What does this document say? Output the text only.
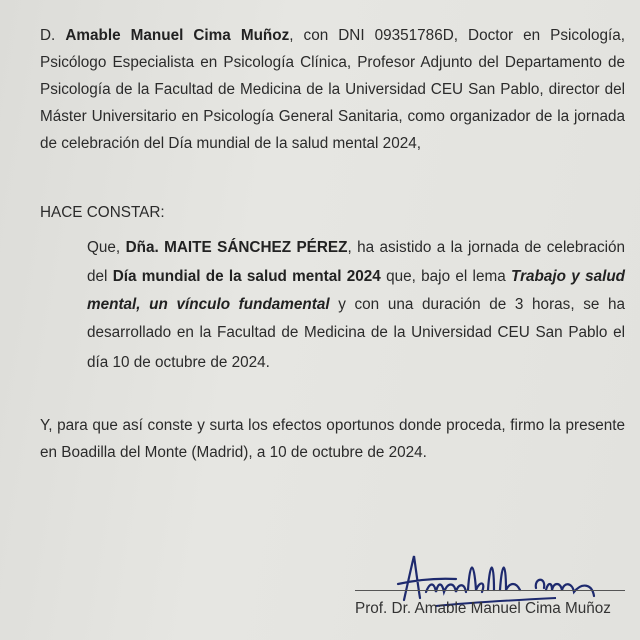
D. Amable Manuel Cima Muñoz, con DNI 09351786D, Doctor en Psicología,
Psicólogo Especialista en Psicología Clínica, Profesor Adjunto del Departamento de
Psicología de la Facultad de Medicina de la Universidad CEU San Pablo, director del
Máster Universitario en Psicología General Sanitaria, como organizador de la jornada
de celebración del Día mundial de la salud mental 2024,
HACE CONSTAR:
Que, Dña. MAITE SÁNCHEZ PÉREZ, ha asistido a la jornada de celebración
del Día mundial de la salud mental 2024 que, bajo el lema Trabajo y salud
mental, un vínculo fundamental y con una duración de 3 horas, se ha
desarrollado en la Facultad de Medicina de la Universidad CEU San Pablo el
día 10 de octubre de 2024.
Y, para que así conste y surta los efectos oportunos donde proceda, firmo la presente
en Boadilla del Monte (Madrid), a 10 de octubre de 2024.
Prof. Dr. Amable Manuel Cima Muñoz
